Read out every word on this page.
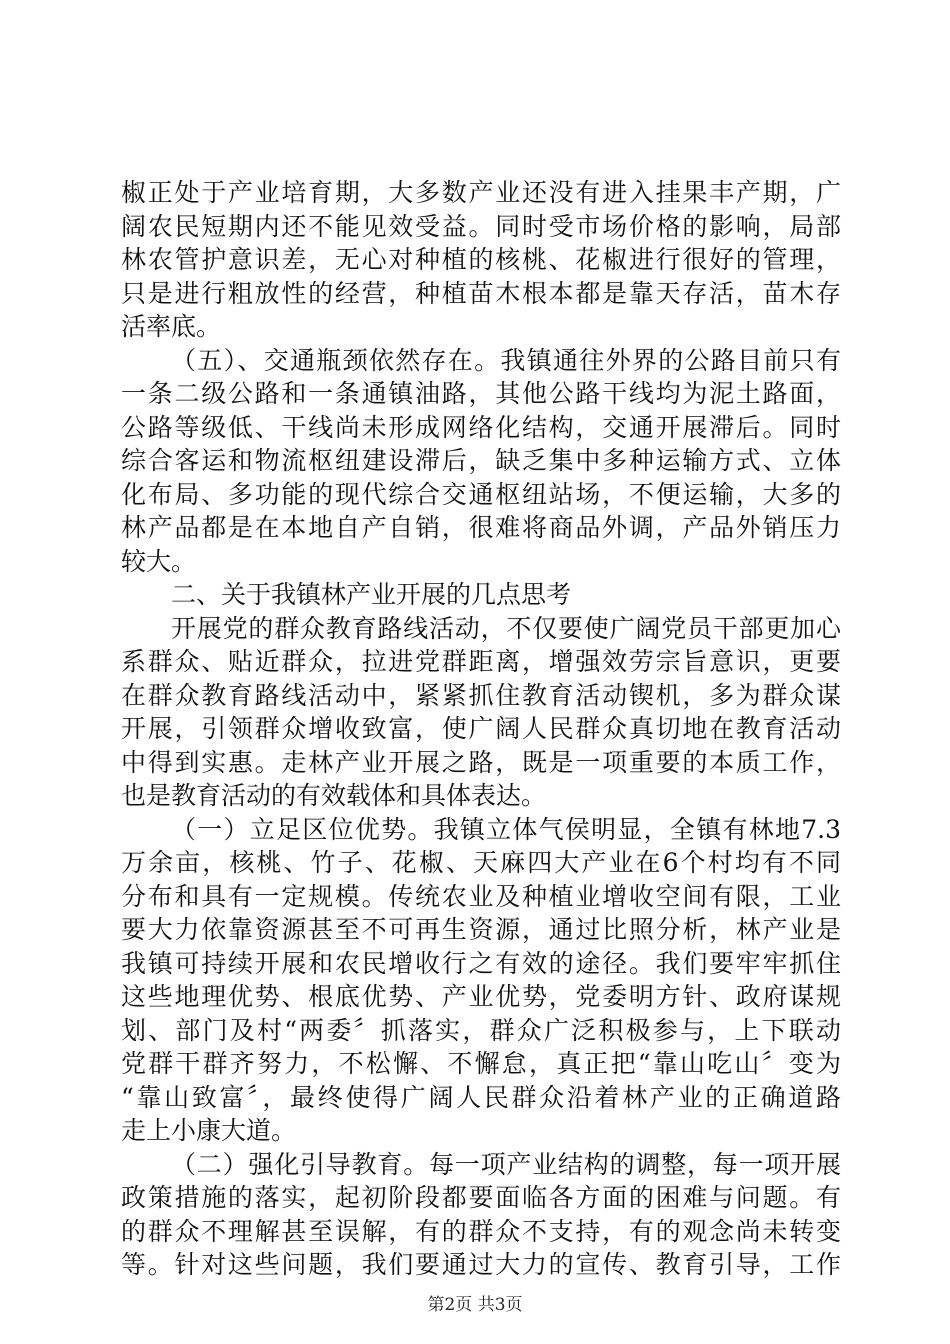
椒正处于产业培育期，大多数产业还没有进入挂果丰产期，广
阔农民短期内还不能见效受益。同时受市场价格的影响，局部
林农管护意识差，无心对种植的核桃、花椒进行很好的管理，
只是进行粗放性的经营，种植苗木根本都是靠天存活，苗木存
活率底。
（五）、交通瓶颈依然存在。我镇通往外界的公路目前只有
一条二级公路和一条通镇油路，其他公路干线均为泥土路面，
公路等级低、干线尚未形成网络化结构，交通开展滞后。同时
综合客运和物流枢纽建设滞后，缺乏集中多种运输方式、立体
化布局、多功能的现代综合交通枢纽站场，不便运输，大多的
林产品都是在本地自产自销，很难将商品外调，产品外销压力
较大。
二、关于我镇林产业开展的几点思考
开展党的群众教育路线活动，不仅要使广阔党员干部更加心
系群众、贴近群众，拉进党群距离，增强效劳宗旨意识，更要
在群众教育路线活动中，紧紧抓住教育活动锲机，多为群众谋
开展，引领群众增收致富，使广阔人民群众真切地在教育活动
中得到实惠。走林产业开展之路，既是一项重要的本质工作，
也是教育活动的有效载体和具体表达。
（一）立足区位优势。我镇立体气侯明显，全镇有林地7.3
万余亩，核桃、竹子、花椒、天麻四大产业在6个村均有不同
分布和具有一定规模。传统农业及种植业增收空间有限，工业
要大力依靠资源甚至不可再生资源，通过比照分析，林产业是
我镇可持续开展和农民增收行之有效的途径。我们要牢牢抓住
这些地理优势、根底优势、产业优势，党委明方针、政府谋规
划、部门及村“两委〞抓落实，群众广泛积极参与，上下联动
党群干群齐努力，不松懈、不懈怠，真正把“靠山吃山〞变为
“靠山致富〞，最终使得广阔人民群众沿着林产业的正确道路
走上小康大道。
（二）强化引导教育。每一项产业结构的调整，每一项开展
政策措施的落实，起初阶段都要面临各方面的困难与问题。有
的群众不理解甚至误解，有的群众不支持，有的观念尚未转变
等。针对这些问题，我们要通过大力的宣传、教育引导，工作
第2页 共3页
